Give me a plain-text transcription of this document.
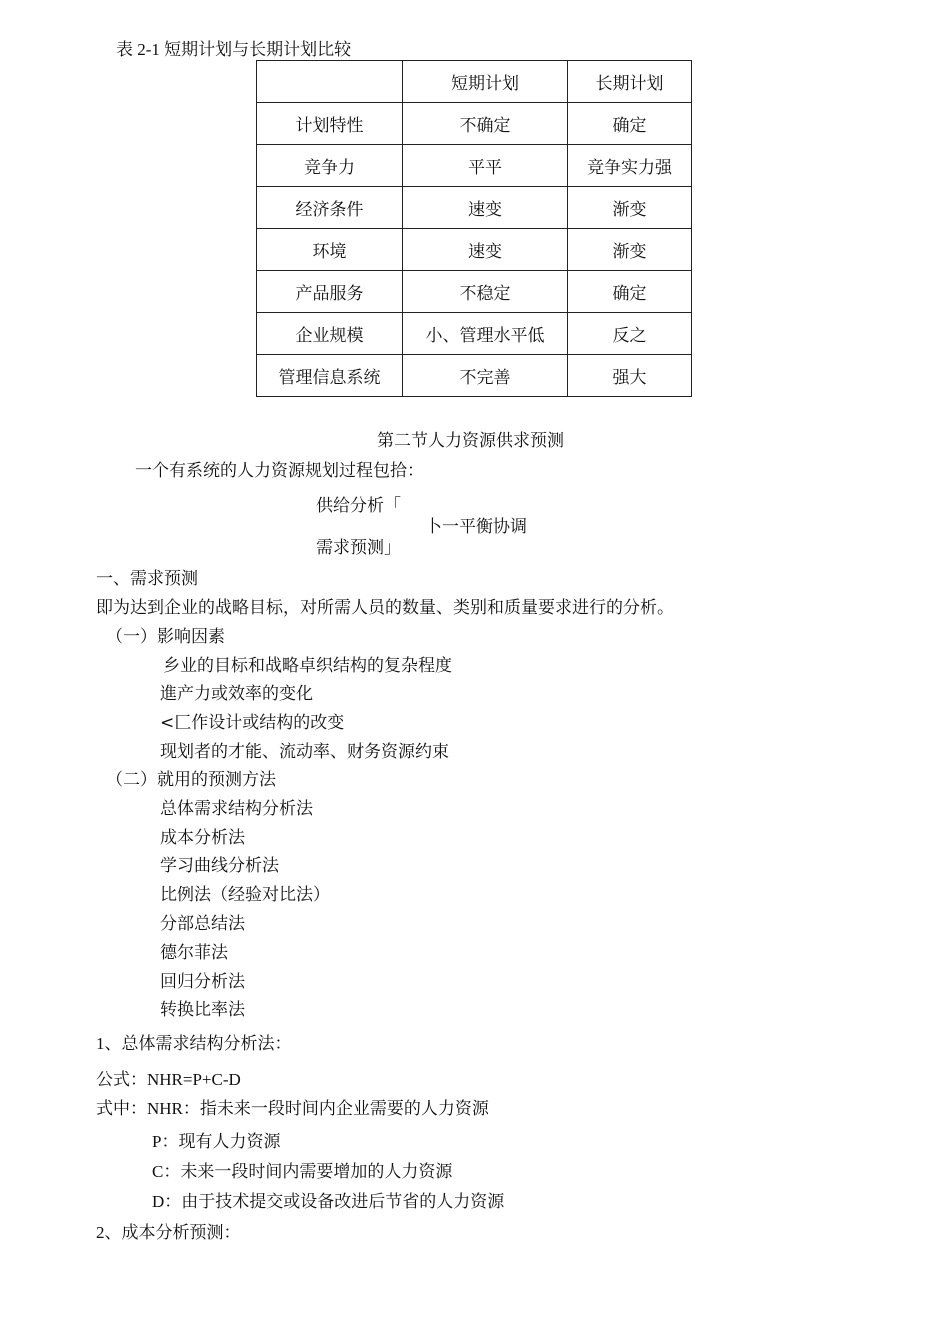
表 2-1 短期计划与长期计划比较
	短期计划	长期计划
计划特性	不确定	确定
竞争力	平平	竞争实力强
经济条件	速变	渐变
环境	速变	渐变
产品服务	不稳定	确定
企业规模	小、管理水平低	反之
管理信息系统	不完善	强大
第二节人力资源供求预测
一个有系统的人力资源规划过程包拾：
供给分析「
需求预测」
卜一平衡协调
一、需求预测
即为达到企业的战略目标，对所需人员的数量、类别和质量要求进行的分析。
（一）影响因素
乡业的目标和战略卓织结构的复杂程度
進产力或效率的变化
<匚作设计或结构的改变
现划者的才能、流动率、财务资源约束
（二）就用的预测方法
总体需求结构分析法
成本分析法
学习曲线分析法
比例法（经验对比法）
分部总结法
德尔菲法
回归分析法
转换比率法
1、总体需求结构分析法：
公式：NHR=P+C-D
式中：NHR：指未来一段时间内企业需要的人力资源
P：现有人力资源
C：未来一段时间内需要增加的人力资源
D：由于技术提交或设备改进后节省的人力资源
2、成本分析预测：
